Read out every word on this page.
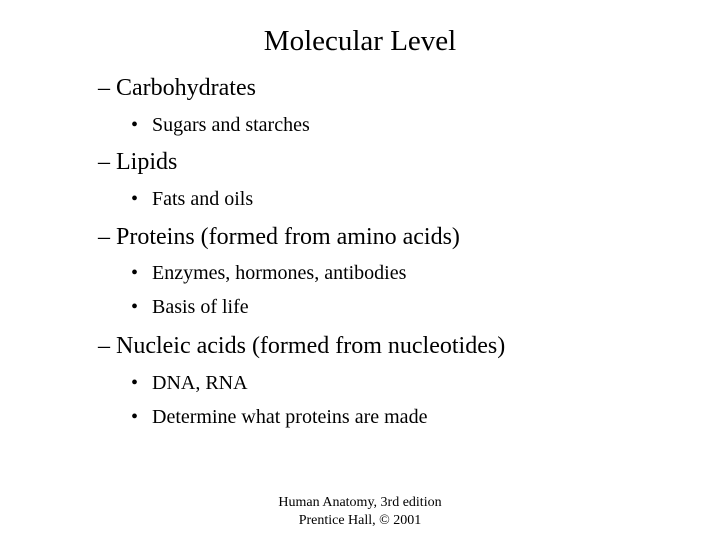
Molecular Level
– Carbohydrates
• Sugars and starches
– Lipids
• Fats and oils
– Proteins (formed from amino acids)
• Enzymes, hormones, antibodies
• Basis of life
– Nucleic acids (formed from nucleotides)
• DNA, RNA
• Determine what proteins are made
Human Anatomy, 3rd edition
Prentice Hall, © 2001
